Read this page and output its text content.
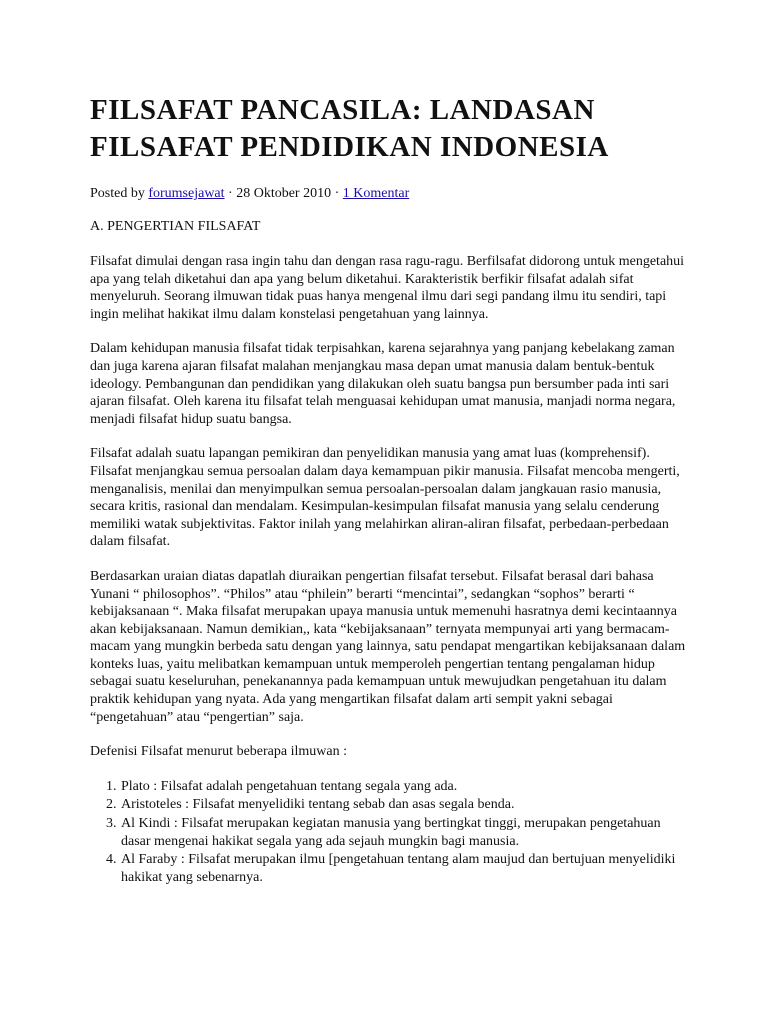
FILSAFAT PANCASILA: LANDASAN FILSAFAT PENDIDIKAN INDONESIA
Posted by forumsejawat · 28 Oktober 2010 · 1 Komentar
A. PENGERTIAN FILSAFAT

Filsafat dimulai dengan rasa ingin tahu dan dengan rasa ragu-ragu. Berfilsafat didorong untuk mengetahui apa yang telah diketahui dan apa yang belum diketahui. Karakteristik berfikir filsafat adalah sifat menyeluruh. Seorang ilmuwan tidak puas hanya mengenal ilmu dari segi pandang ilmu itu sendiri, tapi ingin melihat hakikat ilmu dalam konstelasi pengetahuan yang lainnya.

Dalam kehidupan manusia filsafat tidak terpisahkan, karena sejarahnya yang panjang kebelakang zaman dan juga karena ajaran filsafat malahan menjangkau masa depan umat manusia dalam bentuk-bentuk ideology. Pembangunan dan pendidikan yang dilakukan oleh suatu bangsa pun bersumber pada inti sari ajaran filsafat. Oleh karena itu filsafat telah menguasai kehidupan umat manusia, manjadi norma negara, menjadi filsafat hidup suatu bangsa.

Filsafat adalah suatu lapangan pemikiran dan penyelidikan manusia yang amat luas (komprehensif). Filsafat menjangkau semua persoalan dalam daya kemampuan pikir manusia. Filsafat mencoba mengerti, menganalisis, menilai dan menyimpulkan semua persoalan-persoalan dalam jangkauan rasio manusia, secara kritis, rasional dan mendalam. Kesimpulan-kesimpulan filsafat manusia yang selalu cenderung memiliki watak subjektivitas. Faktor inilah yang melahirkan aliran-aliran filsafat, perbedaan-perbedaan dalam filsafat.

Berdasarkan uraian diatas dapatlah diuraikan pengertian filsafat tersebut. Filsafat berasal dari bahasa Yunani “ philosophos”. “Philos” atau “philein” berarti “mencintai”, sedangkan “sophos” berarti “ kebijaksanaan “. Maka filsafat merupakan upaya manusia untuk memenuhi hasratnya demi kecintaannya akan kebijaksanaan. Namun demikian,, kata “kebijaksanaan” ternyata mempunyai arti yang bermacam-macam yang mungkin berbeda satu dengan yang lainnya, satu pendapat mengartikan kebijaksanaan dalam konteks luas, yaitu melibatkan kemampuan untuk memperoleh pengertian tentang pengalaman hidup sebagai suatu keseluruhan, penekanannya pada kemampuan untuk mewujudkan pengetahuan itu dalam praktik kehidupan yang nyata. Ada yang mengartikan filsafat dalam arti sempit yakni sebagai “pengetahuan” atau “pengertian” saja.

Defenisi Filsafat menurut beberapa ilmuwan :

1. Plato : Filsafat adalah pengetahuan tentang segala yang ada.
2. Aristoteles : Filsafat menyelidiki tentang sebab dan asas segala benda.
3. Al Kindi : Filsafat merupakan kegiatan manusia yang bertingkat tinggi, merupakan pengetahuan dasar mengenai hakikat segala yang ada sejauh mungkin bagi manusia.
4. Al Faraby : Filsafat merupakan ilmu [pengetahuan tentang alam maujud dan bertujuan menyelidiki hakikat yang sebenarnya.
